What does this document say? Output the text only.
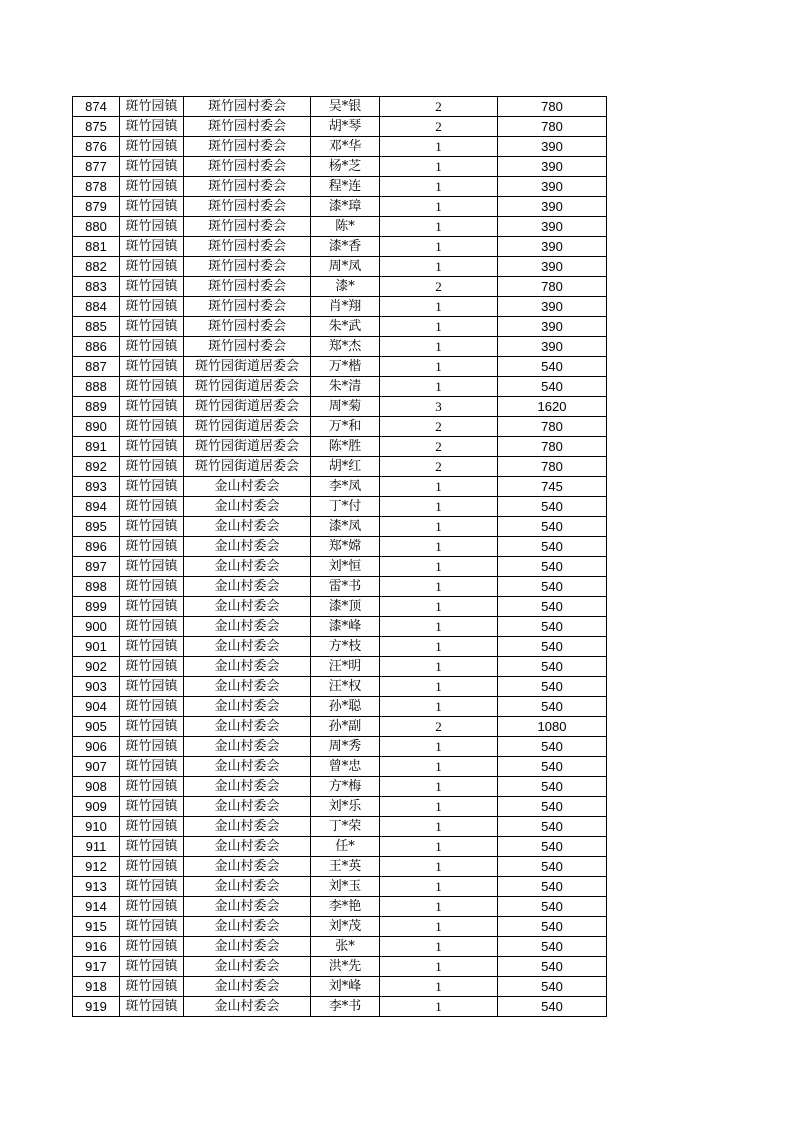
874	斑竹园镇	斑竹园村委会	吴*银	2	780
875	斑竹园镇	斑竹园村委会	胡*琴	2	780
876	斑竹园镇	斑竹园村委会	邓*华	1	390
877	斑竹园镇	斑竹园村委会	杨*芝	1	390
878	斑竹园镇	斑竹园村委会	程*连	1	390
879	斑竹园镇	斑竹园村委会	漆*璋	1	390
880	斑竹园镇	斑竹园村委会	陈*	1	390
881	斑竹园镇	斑竹园村委会	漆*香	1	390
882	斑竹园镇	斑竹园村委会	周*凤	1	390
883	斑竹园镇	斑竹园村委会	漆*	2	780
884	斑竹园镇	斑竹园村委会	肖*翔	1	390
885	斑竹园镇	斑竹园村委会	朱*武	1	390
886	斑竹园镇	斑竹园村委会	郑*杰	1	390
887	斑竹园镇	斑竹园街道居委会	万*楷	1	540
888	斑竹园镇	斑竹园街道居委会	朱*清	1	540
889	斑竹园镇	斑竹园街道居委会	周*菊	3	1620
890	斑竹园镇	斑竹园街道居委会	万*和	2	780
891	斑竹园镇	斑竹园街道居委会	陈*胜	2	780
892	斑竹园镇	斑竹园街道居委会	胡*红	2	780
893	斑竹园镇	金山村委会	李*凤	1	745
894	斑竹园镇	金山村委会	丁*付	1	540
895	斑竹园镇	金山村委会	漆*凤	1	540
896	斑竹园镇	金山村委会	郑*嫦	1	540
897	斑竹园镇	金山村委会	刘*恒	1	540
898	斑竹园镇	金山村委会	雷*书	1	540
899	斑竹园镇	金山村委会	漆*顶	1	540
900	斑竹园镇	金山村委会	漆*峰	1	540
901	斑竹园镇	金山村委会	方*枝	1	540
902	斑竹园镇	金山村委会	汪*明	1	540
903	斑竹园镇	金山村委会	汪*权	1	540
904	斑竹园镇	金山村委会	孙*聪	1	540
905	斑竹园镇	金山村委会	孙*副	2	1080
906	斑竹园镇	金山村委会	周*秀	1	540
907	斑竹园镇	金山村委会	曾*忠	1	540
908	斑竹园镇	金山村委会	方*梅	1	540
909	斑竹园镇	金山村委会	刘*乐	1	540
910	斑竹园镇	金山村委会	丁*荣	1	540
911	斑竹园镇	金山村委会	任*	1	540
912	斑竹园镇	金山村委会	王*英	1	540
913	斑竹园镇	金山村委会	刘*玉	1	540
914	斑竹园镇	金山村委会	李*艳	1	540
915	斑竹园镇	金山村委会	刘*茂	1	540
916	斑竹园镇	金山村委会	张*	1	540
917	斑竹园镇	金山村委会	洪*先	1	540
918	斑竹园镇	金山村委会	刘*峰	1	540
919	斑竹园镇	金山村委会	李*书	1	540
